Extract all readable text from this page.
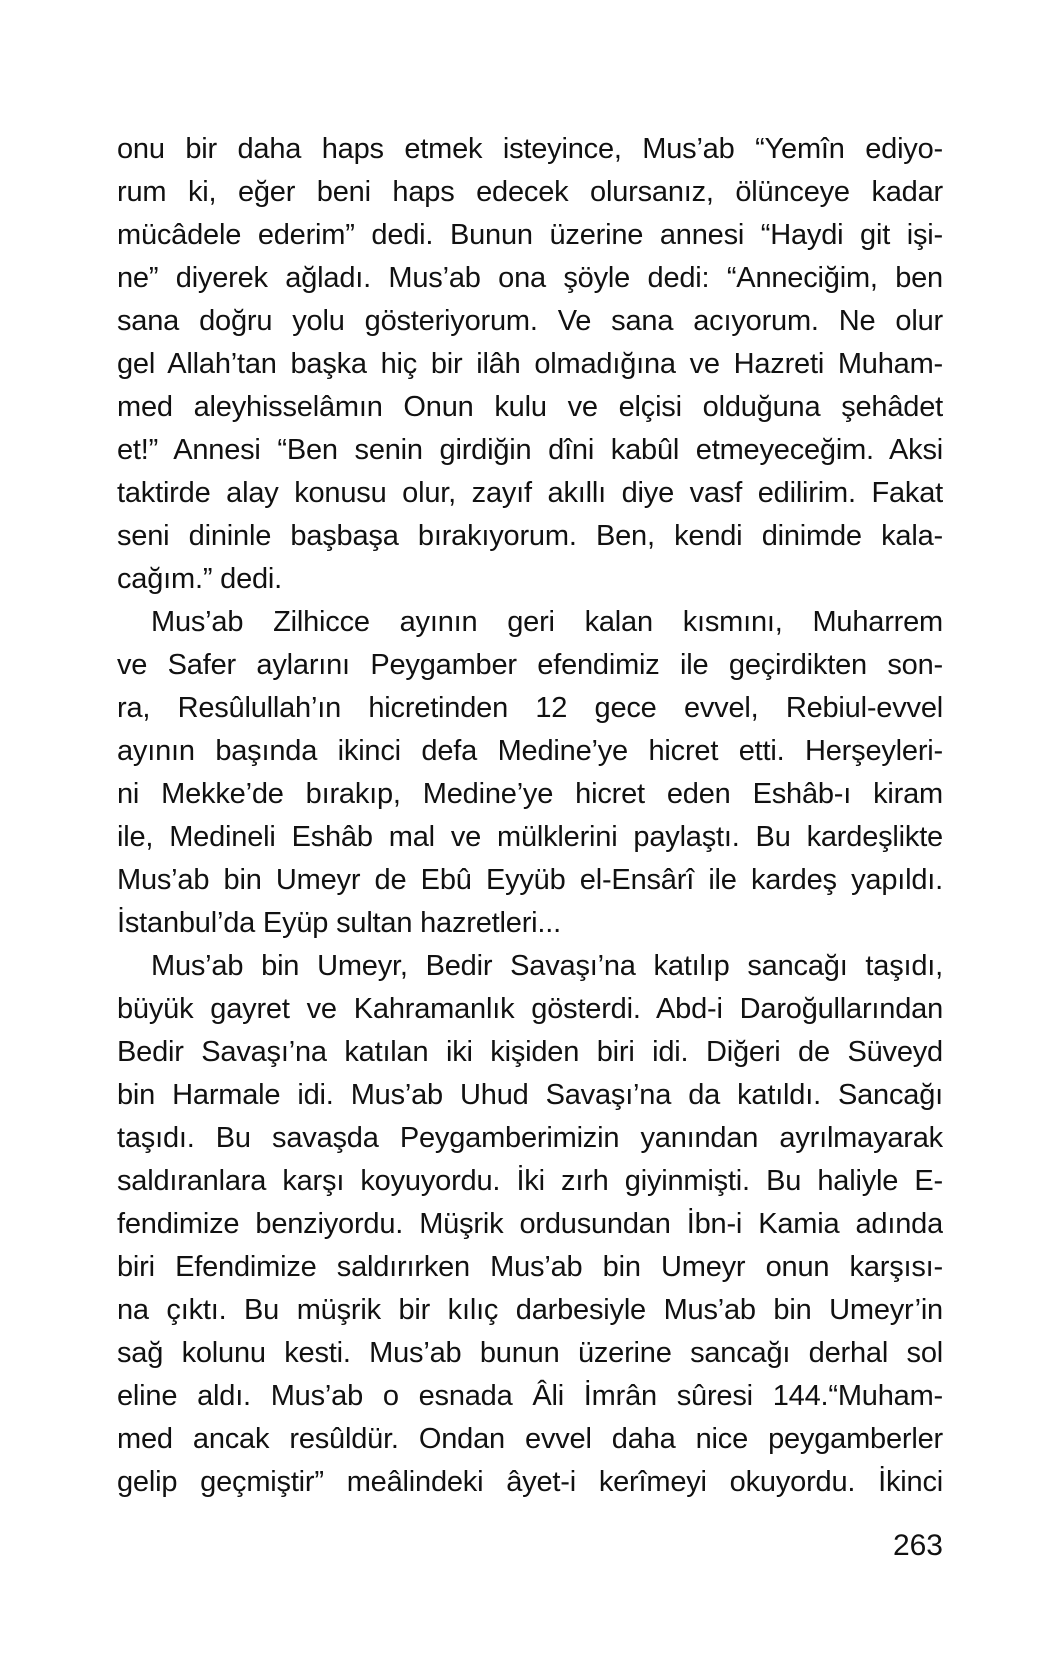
onu bir daha haps etmek isteyince, Mus’ab “Yemîn ediyo-
rum ki, eğer beni haps edecek olursanız, ölünceye kadar
mücâdele ederim” dedi. Bunun üzerine annesi “Haydi git işi-
ne” diyerek ağladı. Mus’ab ona şöyle dedi: “Anneciğim, ben
sana doğru yolu gösteriyorum. Ve sana acıyorum. Ne olur
gel Allah’tan başka hiç bir ilâh olmadığına ve Hazreti Muham-
med aleyhisselâmın Onun kulu ve elçisi olduğuna şehâdet
et!” Annesi “Ben senin girdiğin dîni kabûl etmeyeceğim. Aksi
taktirde alay konusu olur, zayıf akıllı diye vasf edilirim. Fakat
seni dininle başbaşa bırakıyorum. Ben, kendi dinimde kala-
cağım.” dedi.
Mus’ab Zilhicce ayının geri kalan kısmını, Muharrem
ve Safer aylarını Peygamber efendimiz ile geçirdikten son-
ra, Resûlullah’ın hicretinden 12 gece evvel, Rebiul-evvel
ayının başında ikinci defa Medine’ye hicret etti. Herşeyleri-
ni Mekke’de bırakıp, Medine’ye hicret eden Eshâb-ı kiram
ile, Medineli Eshâb mal ve mülklerini paylaştı. Bu kardeşlikte
Mus’ab bin Umeyr de Ebû Eyyüb el-Ensârî ile kardeş yapıldı.
İstanbul’da Eyüp sultan hazretleri...
Mus’ab bin Umeyr, Bedir Savaşı’na katılıp sancağı taşıdı,
büyük gayret ve Kahramanlık gösterdi. Abd-i Daroğullarından
Bedir Savaşı’na katılan iki kişiden biri idi. Diğeri de Süveyd
bin Harmale idi. Mus’ab Uhud Savaşı’na da katıldı. Sancağı
taşıdı. Bu savaşda Peygamberimizin yanından ayrılmayarak
saldıranlara karşı koyuyordu. İki zırh giyinmişti. Bu haliyle E-
fendimize benziyordu. Müşrik ordusundan İbn-i Kamia adında
biri Efendimize saldırırken Mus’ab bin Umeyr onun karşısı-
na çıktı. Bu müşrik bir kılıç darbesiyle Mus’ab bin Umeyr’in
sağ kolunu kesti. Mus’ab bunun üzerine sancağı derhal sol
eline aldı. Mus’ab o esnada Âli İmrân sûresi 144.“Muham-
med ancak resûldür. Ondan evvel daha nice peygamberler
gelip geçmiştir” meâlindeki âyet-i kerîmeyi okuyordu. İkinci
263
